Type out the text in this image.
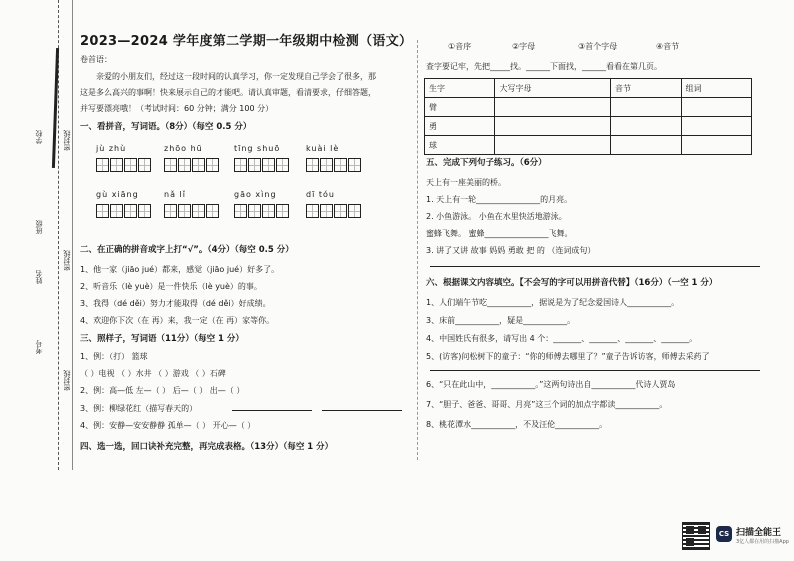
学校
班级
姓名
考号
密封线
密封线
密封线
2023—2024 学年度第二学期一年级期中检测（语文）
卷首语：
亲爱的小朋友们，经过这一段时间的认真学习，你一定发现自己学会了很多，那
这是多么高兴的事啊！快来展示自己的才能吧。请认真审题，看清要求，仔细答题，
并写要漂亮哦！（考试时间：60 分钟；满分 100 分）
一、看拼音，写词语。（8分）（每空 0.5 分）
jù zhù	zhōo hū	tīng shuō	kuài lè
gù xiāng	nǎ lǐ	gāo xìng	dī tóu
二、在正确的拼音或字上打“√”。（4分）（每空 0.5 分）
1、他一家（jiāo jué）都来，感觉（jiāo jué）好多了。
2、听音乐（lè yuè）是一件快乐（lè yuè）的事。
3、我得（dé děi）努力才能取得（dé děi）好成绩。
4、欢迎你下次（在 再）来，我一定（在 再）家等你。
三、照样子，写词语（11分）（每空 1 分）
1、例：（打） 篮球
（ ）电视 （ ）水井 （ ）游戏 （ ）石碑
2、例：高—低 左—（ ） 后—（ ） 出—（ ）
3、例：柳绿花红（描写春天的）
4、例：安静—安安静静 孤单—（ ） 开心—（ ）
四、选一选，回口诀补充完整，再完成表格。（13分）（每空 1 分）
①音序	②字母	③首个字母	④音节
查字要记牢，先把_____找。______下面找，______看看在第几页。
生字	大写字母	音节	组词
臂			
勇			
球			
五、完成下列句子练习。（6分）
天上有一座美丽的桥。
1. 天上有一轮________________的月亮。
2. 小鱼游泳。 小鱼在水里快活地游泳。
蜜蜂飞舞。 蜜蜂________________飞舞。
3. 讲了又讲 故事 妈妈 勇敢 把 的 （连词成句）
六、根据课文内容填空。【不会写的字可以用拼音代替】（16分）（一空 1 分）
1、人们端午节吃___________，据说是为了纪念爱国诗人___________。
3、床前___________，疑是___________。
4、中国姓氏有很多，请写出 4 个：_______、_______、_______、_______。
5、(访客)问松树下的童子：“你的师傅去哪里了？”童子告诉访客，师傅去采药了
6、“只在此山中，___________。”这两句诗出自___________代诗人贾岛
7、“胆子、爸爸、哥哥、月亮”这三个词的加点字都读___________。
8、桃花潭水___________，不及汪伦___________。
CS 扫描全能王
3亿人都在用的扫描App
